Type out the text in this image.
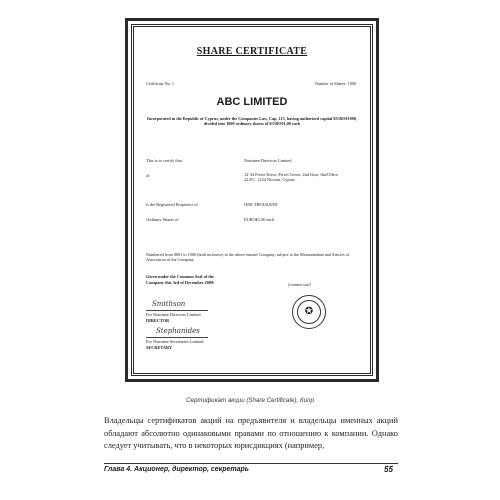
SHARE CERTIFICATE
Certificate No. 1	Number of Shares: 1000
ABC LIMITED
Incorporated in the Republic of Cyprus, under the Companies Law, Cap. 113, having authorized capital EURO€1000, divided into 1000 ordinary shares of EURO€1,00 each
This is to certify that	Nominee Directors Limited
of	12-34 Privet Drive, Privet Tower, 2nd floor, flat/Office 22,P.C. 1234 Nicosia, Cyprus
is the Registered Proprietor of	ONE THOUSAND
Ordinary Shares of	EURO€1,00 each
Numbered from 0001 to 1000 (both inclusive) in the above-named Company, subject to the Memorandum and Articles of Association of the Company.
Given under the Common Seal of the
Company this 3rd of December 2009:
[common seal]
✪
Smithson
For Nominee Directors Limited
DIRECTOR
Stephanides
For Nominee Secretaries Limited
SECRETARY
Сертификат акции (Share Certificate), Кипр
Владельцы сертификатов акций на предъявителя и владельцы именных акций обладают абсолютно одинаковыми правами по отношению к компании. Однако следует учитывать, что в некоторых юрисдикциях (например,
Глава 4. Акционер, директор, секретарь	55
